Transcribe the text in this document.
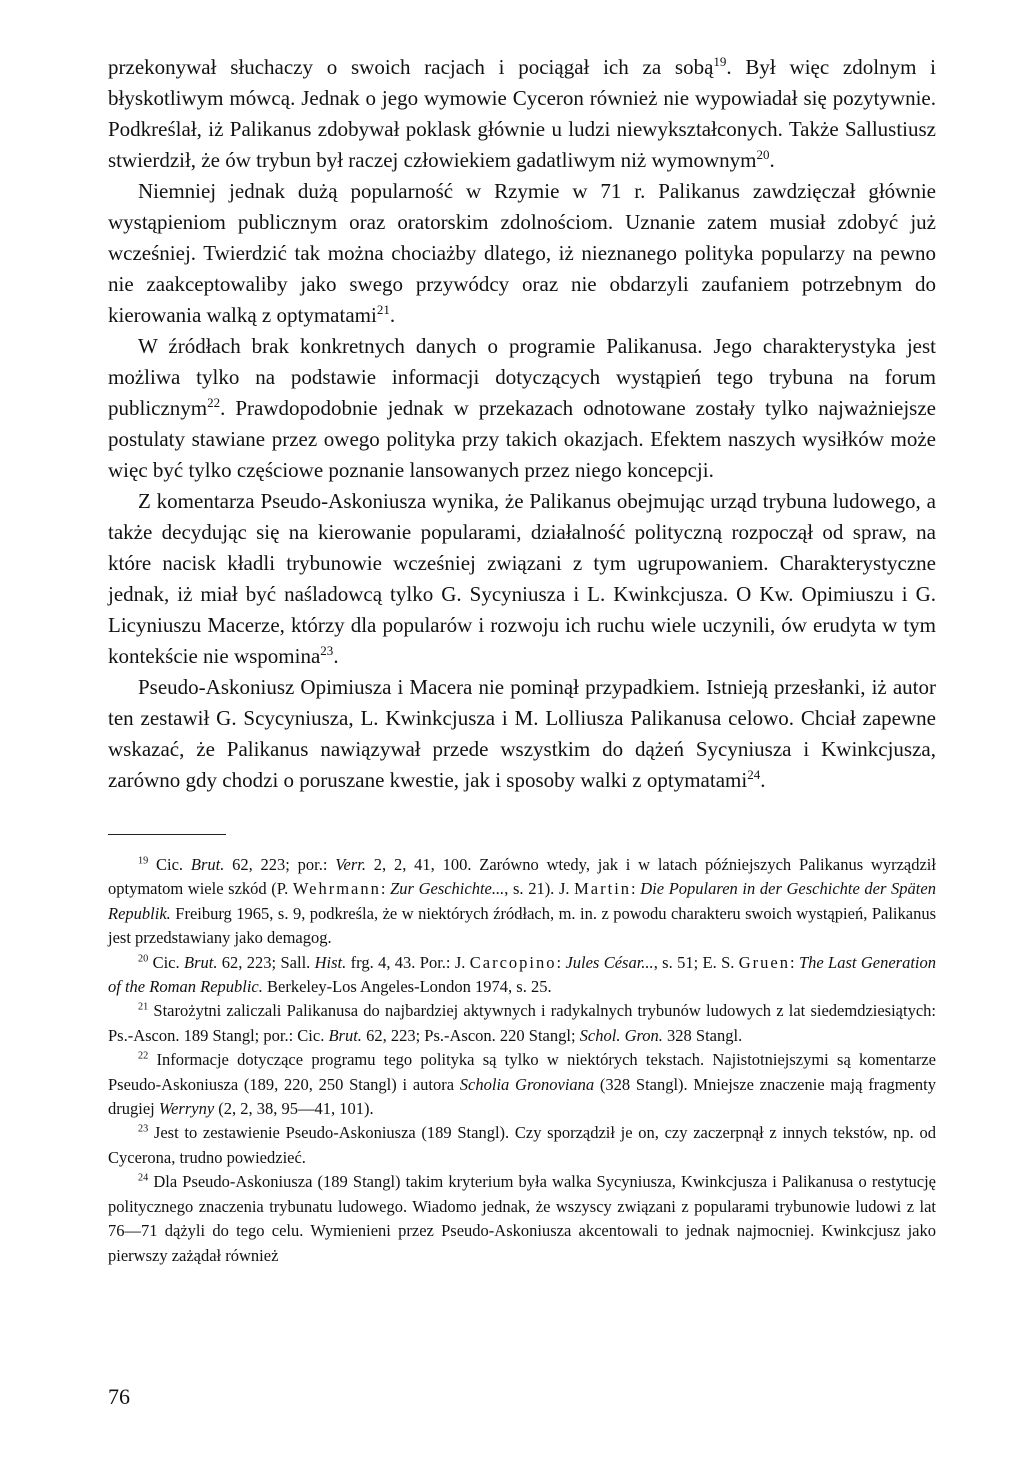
przekonywał słuchaczy o swoich racjach i pociągał ich za sobą$^{19}$. Był więc zdolnym i błyskotliwym mówcą. Jednak o jego wymowie Cyceron również nie wypowiadał się pozytywnie. Podkreślał, iż Palikanus zdobywał poklask głównie u ludzi niewykształconych. Także Sallustiusz stwierdził, że ów trybun był raczej człowiekiem gadatliwym niż wymownym$^{20}$.

Niemniej jednak dużą popularność w Rzymie w 71 r. Palikanus zawdzięczał głównie wystąpieniom publicznym oraz oratorskim zdolnościom. Uznanie zatem musiał zdobyć już wcześniej. Twierdzić tak można chociażby dlatego, iż nieznanego polityka popularzy na pewno nie zaakceptowaliby jako swego przywódcy oraz nie obdarzyli zaufaniem potrzebnym do kierowania walką z optymatami$^{21}$.

W źródłach brak konkretnych danych o programie Palikanusa. Jego charakterystyka jest możliwa tylko na podstawie informacji dotyczących wystąpień tego trybuna na forum publicznym$^{22}$. Prawdopodobnie jednak w przekazach odnotowane zostały tylko najważniejsze postulaty stawiane przez owego polityka przy takich okazjach. Efektem naszych wysiłków może więc być tylko częściowe poznanie lansowanych przez niego koncepcji.

Z komentarza Pseudo-Askoniusza wynika, że Palikanus obejmując urząd trybuna ludowego, a także decydując się na kierowanie popularami, działalność polityczną rozpoczął od spraw, na które nacisk kładli trybunowie wcześniej związani z tym ugrupowaniem. Charakterystyczne jednak, iż miał być naśladowcą tylko G. Sycyniusza i L. Kwinkcjusza. O Kw. Opimiuszu i G. Licyniuszu Macerze, którzy dla popularów i rozwoju ich ruchu wiele uczynili, ów erudyta w tym kontekście nie wspomina$^{23}$.

Pseudo-Askoniusz Opimiusza i Macera nie pominął przypadkiem. Istnieją przesłanki, iż autor ten zestawił G. Scycyniusza, L. Kwinkcjusza i M. Lolliusza Palikanusa celowo. Chciał zapewne wskazać, że Palikanus nawiązywał przede wszystkim do dążeń Sycyniusza i Kwinkcjusza, zarówno gdy chodzi o poruszane kwestie, jak i sposoby walki z optymatami$^{24}$.

$^{19}$ Cic. Brut. 62, 223; por.: Verr. 2, 2, 41, 100. Zarówno wtedy, jak i w latach późniejszych Palikanus wyrządził optymatom wiele szkód (P. Wehrmann: Zur Geschichte..., s. 21). J. Martin: Die Popularen in der Geschichte der Späten Republik. Freiburg 1965, s. 9, podkreśla, że w niektórych źródłach, m. in. z powodu charakteru swoich wystąpień, Palikanus jest przedstawiany jako demagog.

$^{20}$ Cic. Brut. 62, 223; Sall. Hist. frg. 4, 43. Por.: J. Carcopino: Jules César..., s. 51; E. S. Gruen: The Last Generation of the Roman Republic. Berkeley-Los Angeles-London 1974, s. 25.

$^{21}$ Starożytni zaliczali Palikanusa do najbardziej aktywnych i radykalnych trybunów ludowych z lat siedemdziesiątych: Ps.-Ascon. 189 Stangl; por.: Cic. Brut. 62, 223; Ps.-Ascon. 220 Stangl; Schol. Gron. 328 Stangl.

$^{22}$ Informacje dotyczące programu tego polityka są tylko w niektórych tekstach. Najistotniejszymi są komentarze Pseudo-Askoniusza (189, 220, 250 Stangl) i autora Scholia Gronoviana (328 Stangl). Mniejsze znaczenie mają fragmenty drugiej Werryny (2, 2, 38, 95—41, 101).

$^{23}$ Jest to zestawienie Pseudo-Askoniusza (189 Stangl). Czy sporządził je on, czy zaczerpnął z innych tekstów, np. od Cycerona, trudno powiedzieć.

$^{24}$ Dla Pseudo-Askoniusza (189 Stangl) takim kryterium była walka Sycyniusza, Kwinkcjusza i Palikanusa o restytucję politycznego znaczenia trybunatu ludowego. Wiadomo jednak, że wszyscy związani z popularami trybunowie ludowi z lat 76—71 dążyli do tego celu. Wymienieni przez Pseudo-Askoniusza akcentowali to jednak najmocniej. Kwinkcjusz jako pierwszy zażądał również

76
